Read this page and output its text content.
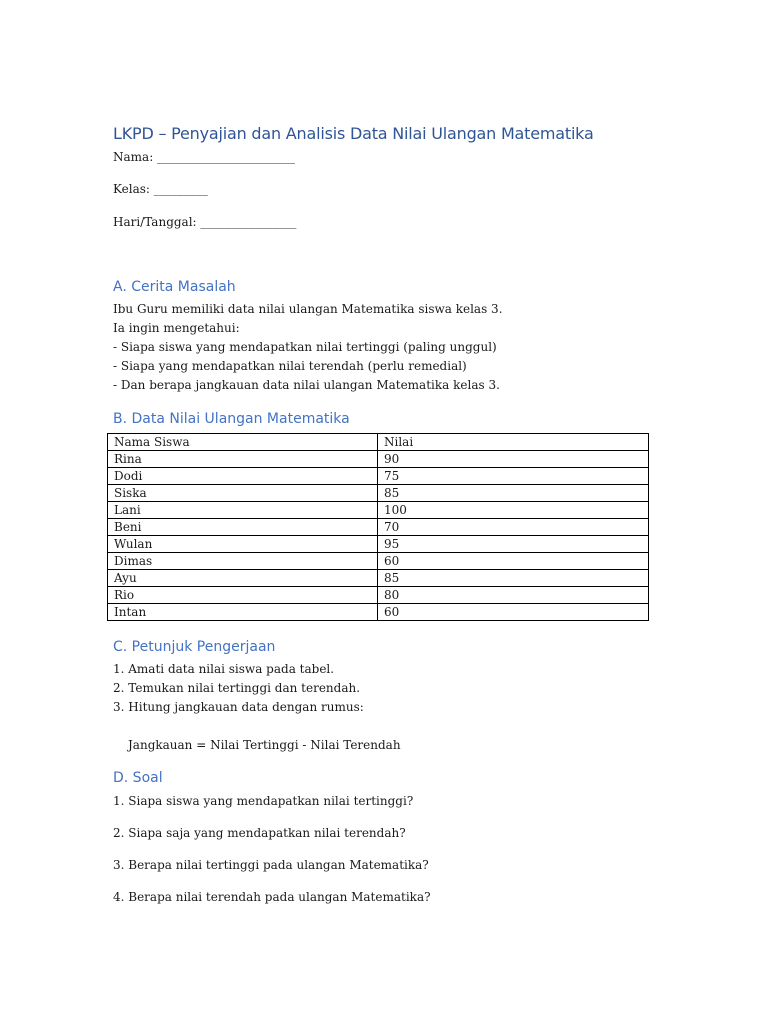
LKPD – Penyajian dan Analisis Data Nilai Ulangan Matematika

Nama: _______________________

Kelas: _________

Hari/Tanggal: ________________

A. Cerita Masalah
Ibu Guru memiliki data nilai ulangan Matematika siswa kelas 3.
Ia ingin mengetahui:
- Siapa siswa yang mendapatkan nilai tertinggi (paling unggul)
- Siapa yang mendapatkan nilai terendah (perlu remedial)
- Dan berapa jangkauan data nilai ulangan Matematika kelas 3.
B. Data Nilai Ulangan Matematika
Nama Siswa	Nilai
Rina	90
Dodi	75
Siska	85
Lani	100
Beni	70
Wulan	95
Dimas	60
Ayu	85
Rio	80
Intan	60
C. Petunjuk Pengerjaan
1. Amati data nilai siswa pada tabel.
2. Temukan nilai tertinggi dan terendah.
3. Hitung jangkauan data dengan rumus:

Jangkauan = Nilai Tertinggi - Nilai Terendah

D. Soal

1. Siapa siswa yang mendapatkan nilai tertinggi?

2. Siapa saja yang mendapatkan nilai terendah?

3. Berapa nilai tertinggi pada ulangan Matematika?

4. Berapa nilai terendah pada ulangan Matematika?
